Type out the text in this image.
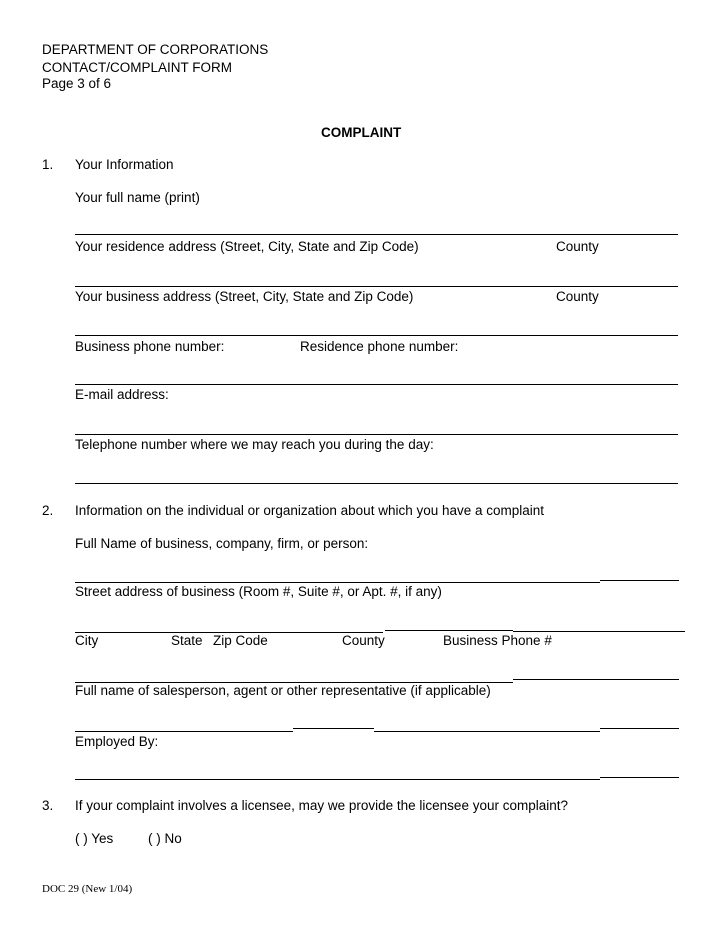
DEPARTMENT OF CORPORATIONS
CONTACT/COMPLAINT FORM
Page 3 of 6
COMPLAINT
1. Your Information
Your full name (print)
Your residence address (Street, City, State and Zip Code)	County
Your business address (Street, City, State and Zip Code)	County
Business phone number:	Residence phone number:
E-mail address:
Telephone number where we may reach you during the day:
2. Information on the individual or organization about which you have a complaint
Full Name of business, company, firm, or person:
Street address of business (Room #, Suite #, or Apt. #, if any)
City	State Zip Code	County	Business Phone #
Full name of salesperson, agent or other representative (if applicable)
Employed By:
3. If your complaint involves a licensee, may we provide the licensee your complaint?
( ) Yes	( ) No
DOC 29 (New 1/04)
